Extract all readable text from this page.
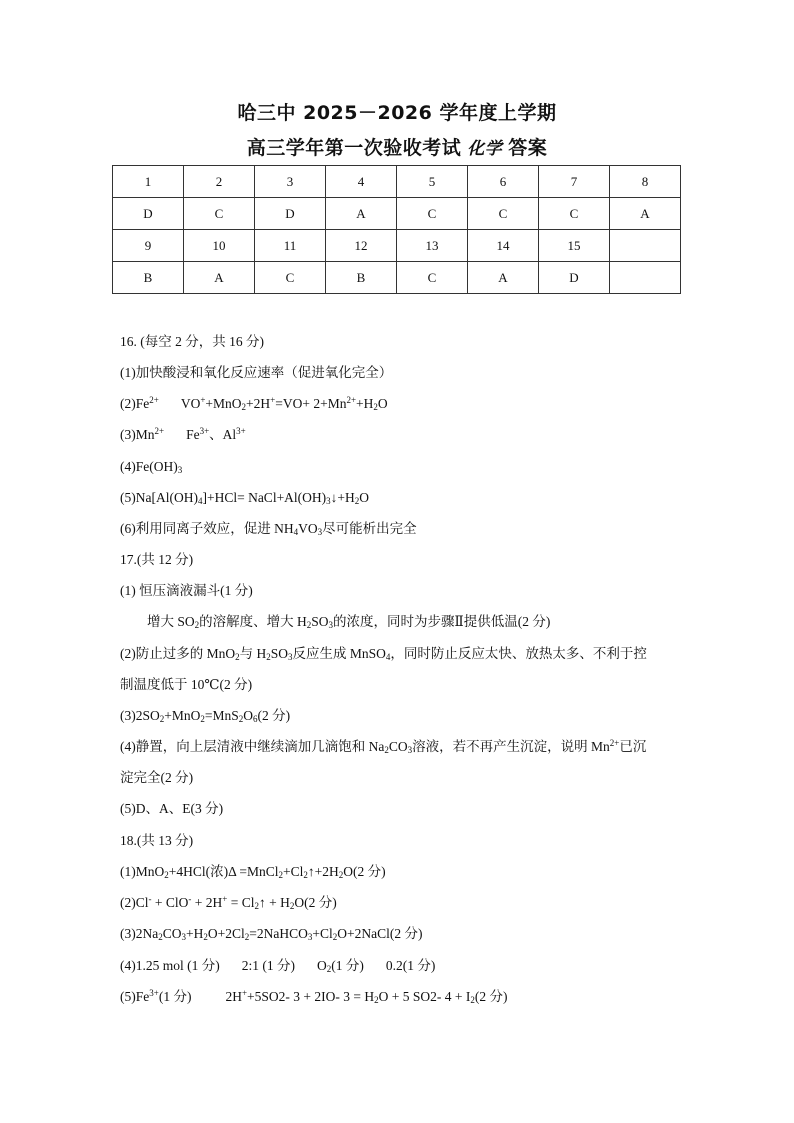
哈三中 2025－2026 学年度上学期
高三学年第一次验收考试 化学 答案
1	2	3	4	5	6	7	8
D	C	D	A	C	C	C	A
9	10	11	12	13	14	15	
B	A	C	B	C	A	D	
16. (每空 2 分，共 16 分)
(1)加快酸浸和氧化反应速率（促进氧化完全）
$(2)Fe^{2+}$ $VO^++MnO_2+2H^+=VO+ 2+Mn^{2+}+H_2O$
$(3)Mn^{2+}$ $Fe^{3+}$、$Al^{3+}$
$(4)Fe(OH)_3$
$(5)Na[Al(OH)_4]+HCl=$ $NaCl+Al(OH)_3↓+H_2O$
(6)利用同离子效应，促进 $NH_4VO_3$尽可能析出完全
17.(共 12 分)
(1) 恒压滴液漏斗(1 分)
增大 $SO_2$的溶解度、增大 $H_2SO_3$的浓度，同时为步骤Ⅱ提供低温(2 分)
(2)防止过多的 MnO$_2$与 $H_2SO_3$反应生成 MnSO$_4$，同时防止反应太快、放热太多、不利于控
制温度低于 10℃(2 分)
$(3)2SO_2+MnO_2=MnS_2O_6(2$ 分)
(4)静置，向上层清液中继续滴加几滴饱和 $Na_2CO_3$溶液，若不再产生沉淀，说明 $Mn^{2+}$已沉
淀完全(2 分)
(5)D、A、E(3 分)
18.(共 13 分)
(1)MnO$_2$+4HCl(浓)$\Delta =MnCl_2+Cl_2↑+2H_2O(2$ 分)
$(2)Cl^- + ClO^- + 2H^+ = Cl_2↑ + H_2O(2$ 分)
$(3)2Na_2CO_3+H_2O+2Cl_2=2NaHCO_3+Cl_2O+2NaCl(2$ 分)
(4)1.25 mol (1 分) 2:1 (1 分) $O_2(1$ 分) 0.2(1 分)
$(5)Fe^{3+}(1$ 分)	2H++5SO2- 3 + 2IO- $3 = H_2O + 5$ SO2- $4 + I_2(2$ 分)
